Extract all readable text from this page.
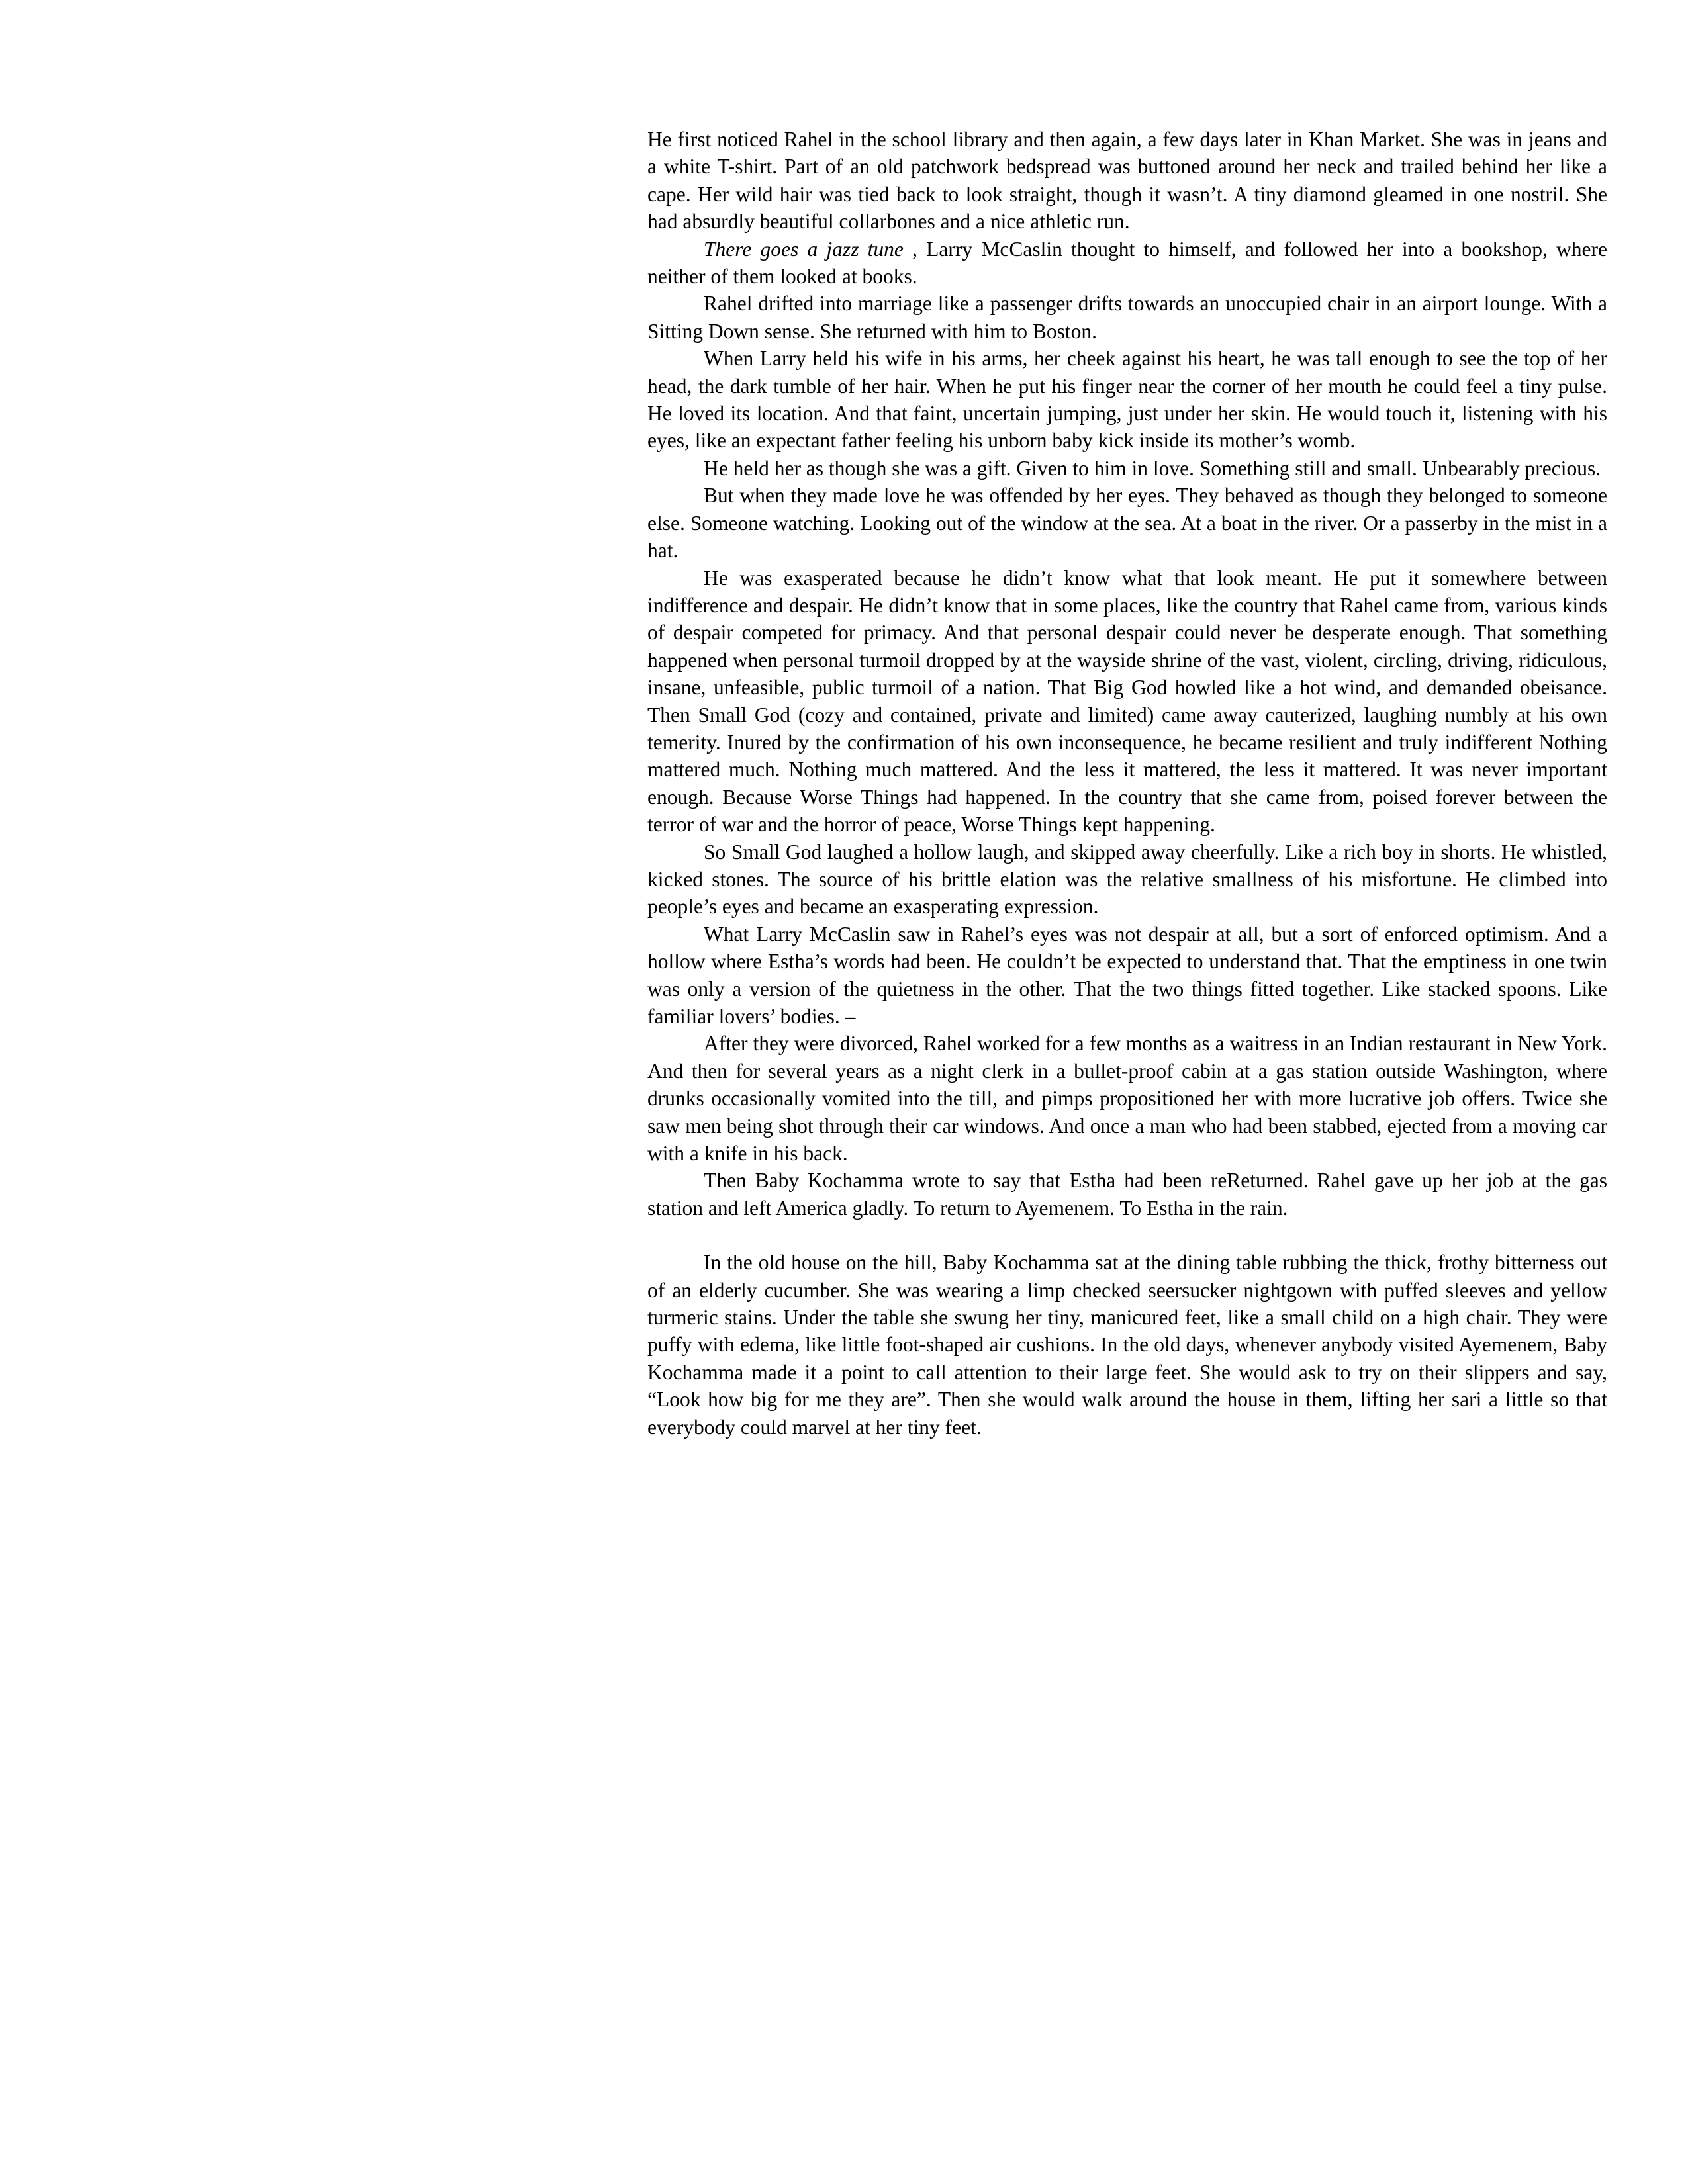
He first noticed Rahel in the school library and then again, a few days later in Khan Market. She was in jeans and a white T-shirt. Part of an old patchwork bedspread was buttoned around her neck and trailed behind her like a cape. Her wild hair was tied back to look straight, though it wasn’t. A tiny diamond gleamed in one nostril. She had absurdly beautiful collarbones and a nice athletic run.

There goes a jazz tune , Larry McCaslin thought to himself, and followed her into a bookshop, where neither of them looked at books.

Rahel drifted into marriage like a passenger drifts towards an unoccupied chair in an airport lounge. With a Sitting Down sense. She returned with him to Boston.

When Larry held his wife in his arms, her cheek against his heart, he was tall enough to see the top of her head, the dark tumble of her hair. When he put his finger near the corner of her mouth he could feel a tiny pulse. He loved its location. And that faint, uncertain jumping, just under her skin. He would touch it, listening with his eyes, like an expectant father feeling his unborn baby kick inside its mother’s womb.

He held her as though she was a gift. Given to him in love. Something still and small. Unbearably precious.

But when they made love he was offended by her eyes. They behaved as though they belonged to someone else. Someone watching. Looking out of the window at the sea. At a boat in the river. Or a passerby in the mist in a hat.

He was exasperated because he didn’t know what that look meant. He put it somewhere between indifference and despair. He didn’t know that in some places, like the country that Rahel came from, various kinds of despair competed for primacy. And that personal despair could never be desperate enough. That something happened when personal turmoil dropped by at the wayside shrine of the vast, violent, circling, driving, ridiculous, insane, unfeasible, public turmoil of a nation. That Big God howled like a hot wind, and demanded obeisance. Then Small God (cozy and contained, private and limited) came away cauterized, laughing numbly at his own temerity. Inured by the confirmation of his own inconsequence, he became resilient and truly indifferent Nothing mattered much. Nothing much mattered. And the less it mattered, the less it mattered. It was never important enough. Because Worse Things had happened. In the country that she came from, poised forever between the terror of war and the horror of peace, Worse Things kept happening.

So Small God laughed a hollow laugh, and skipped away cheerfully. Like a rich boy in shorts. He whistled, kicked stones. The source of his brittle elation was the relative smallness of his misfortune. He climbed into people’s eyes and became an exasperating expression.

What Larry McCaslin saw in Rahel’s eyes was not despair at all, but a sort of enforced optimism. And a hollow where Estha’s words had been. He couldn’t be expected to understand that. That the emptiness in one twin was only a version of the quietness in the other. That the two things fitted together. Like stacked spoons. Like familiar lovers’ bodies. –

After they were divorced, Rahel worked for a few months as a waitress in an Indian restaurant in New York. And then for several years as a night clerk in a bullet-proof cabin at a gas station outside Washington, where drunks occasionally vomited into the till, and pimps propositioned her with more lucrative job offers. Twice she saw men being shot through their car windows. And once a man who had been stabbed, ejected from a moving car with a knife in his back.

Then Baby Kochamma wrote to say that Estha had been reReturned. Rahel gave up her job at the gas station and left America gladly. To return to Ayemenem. To Estha in the rain.

In the old house on the hill, Baby Kochamma sat at the dining table rubbing the thick, frothy bitterness out of an elderly cucumber. She was wearing a limp checked seersucker nightgown with puffed sleeves and yellow turmeric stains. Under the table she swung her tiny, manicured feet, like a small child on a high chair. They were puffy with edema, like little foot-shaped air cushions. In the old days, whenever anybody visited Ayemenem, Baby Kochamma made it a point to call attention to their large feet. She would ask to try on their slippers and say, “Look how big for me they are”. Then she would walk around the house in them, lifting her sari a little so that everybody could marvel at her tiny feet.
